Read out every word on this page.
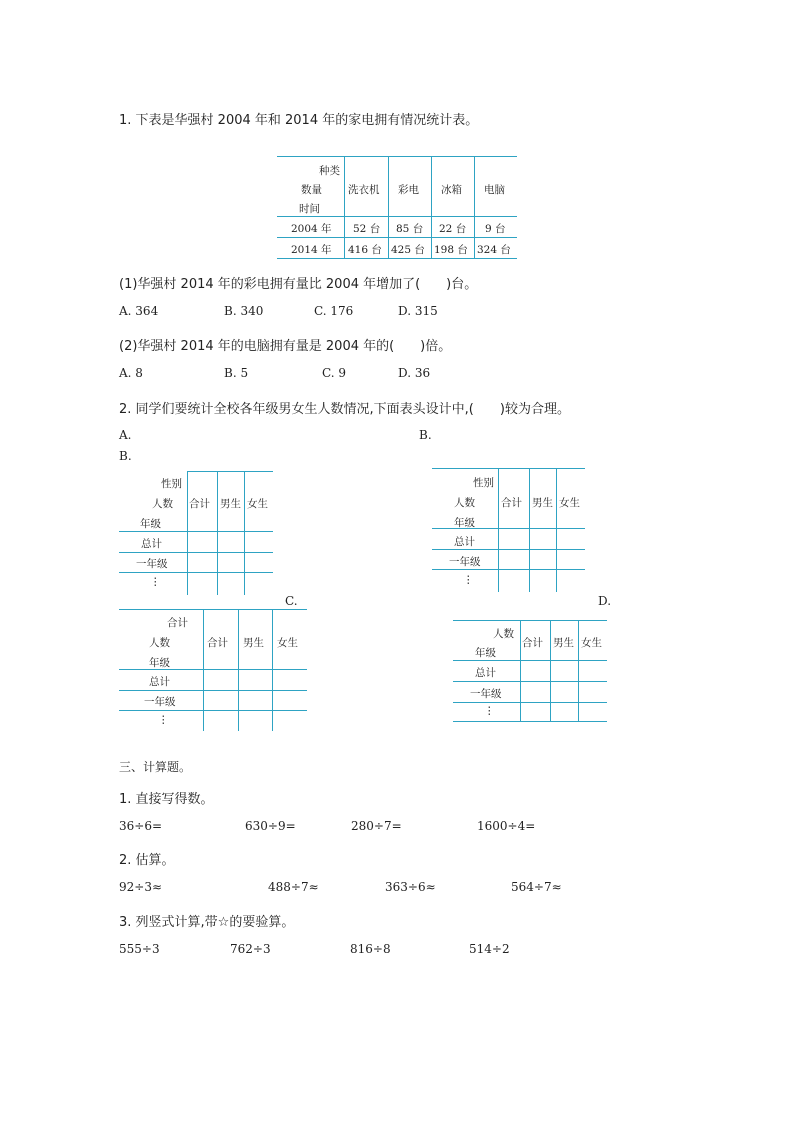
1. 下表是华强村 2004 年和 2014 年的家电拥有情况统计表。
种类
数量
时间
洗衣机 彩电 冰箱 电脑
2004 年 52 台 85 台 22 台 9 台
2014 年 416 台 425 台 198 台 324 台
(1)华强村 2014 年的彩电拥有量比 2004 年增加了(　　)台。
A. 364	B. 340	C. 176	D. 315
(2)华强村 2014 年的电脑拥有量是 2004 年的(　　)倍。
A. 8	B. 5	C. 9	D. 36
2. 同学们要统计全校各年级男女生人数情况,下面表头设计中,(　　)较为合理。
A.	B.
B.
性别
人数
年级
合计 男生 女生
总计
一年级
⋮
性别
人数
年级
合计 男生 女生
总计
一年级
⋮
C.	D.
合计
人数
年级
合计 男生 女生
总计
一年级
⋮
人数
年级
合计 男生 女生
总计
一年级
⋮
三、计算题。
1. 直接写得数。
36÷6=	630÷9=	280÷7=	1600÷4=
2. 估算。
92÷3≈	488÷7≈	363÷6≈	564÷7≈
3. 列竖式计算,带☆的要验算。
555÷3	762÷3	816÷8	514÷2
